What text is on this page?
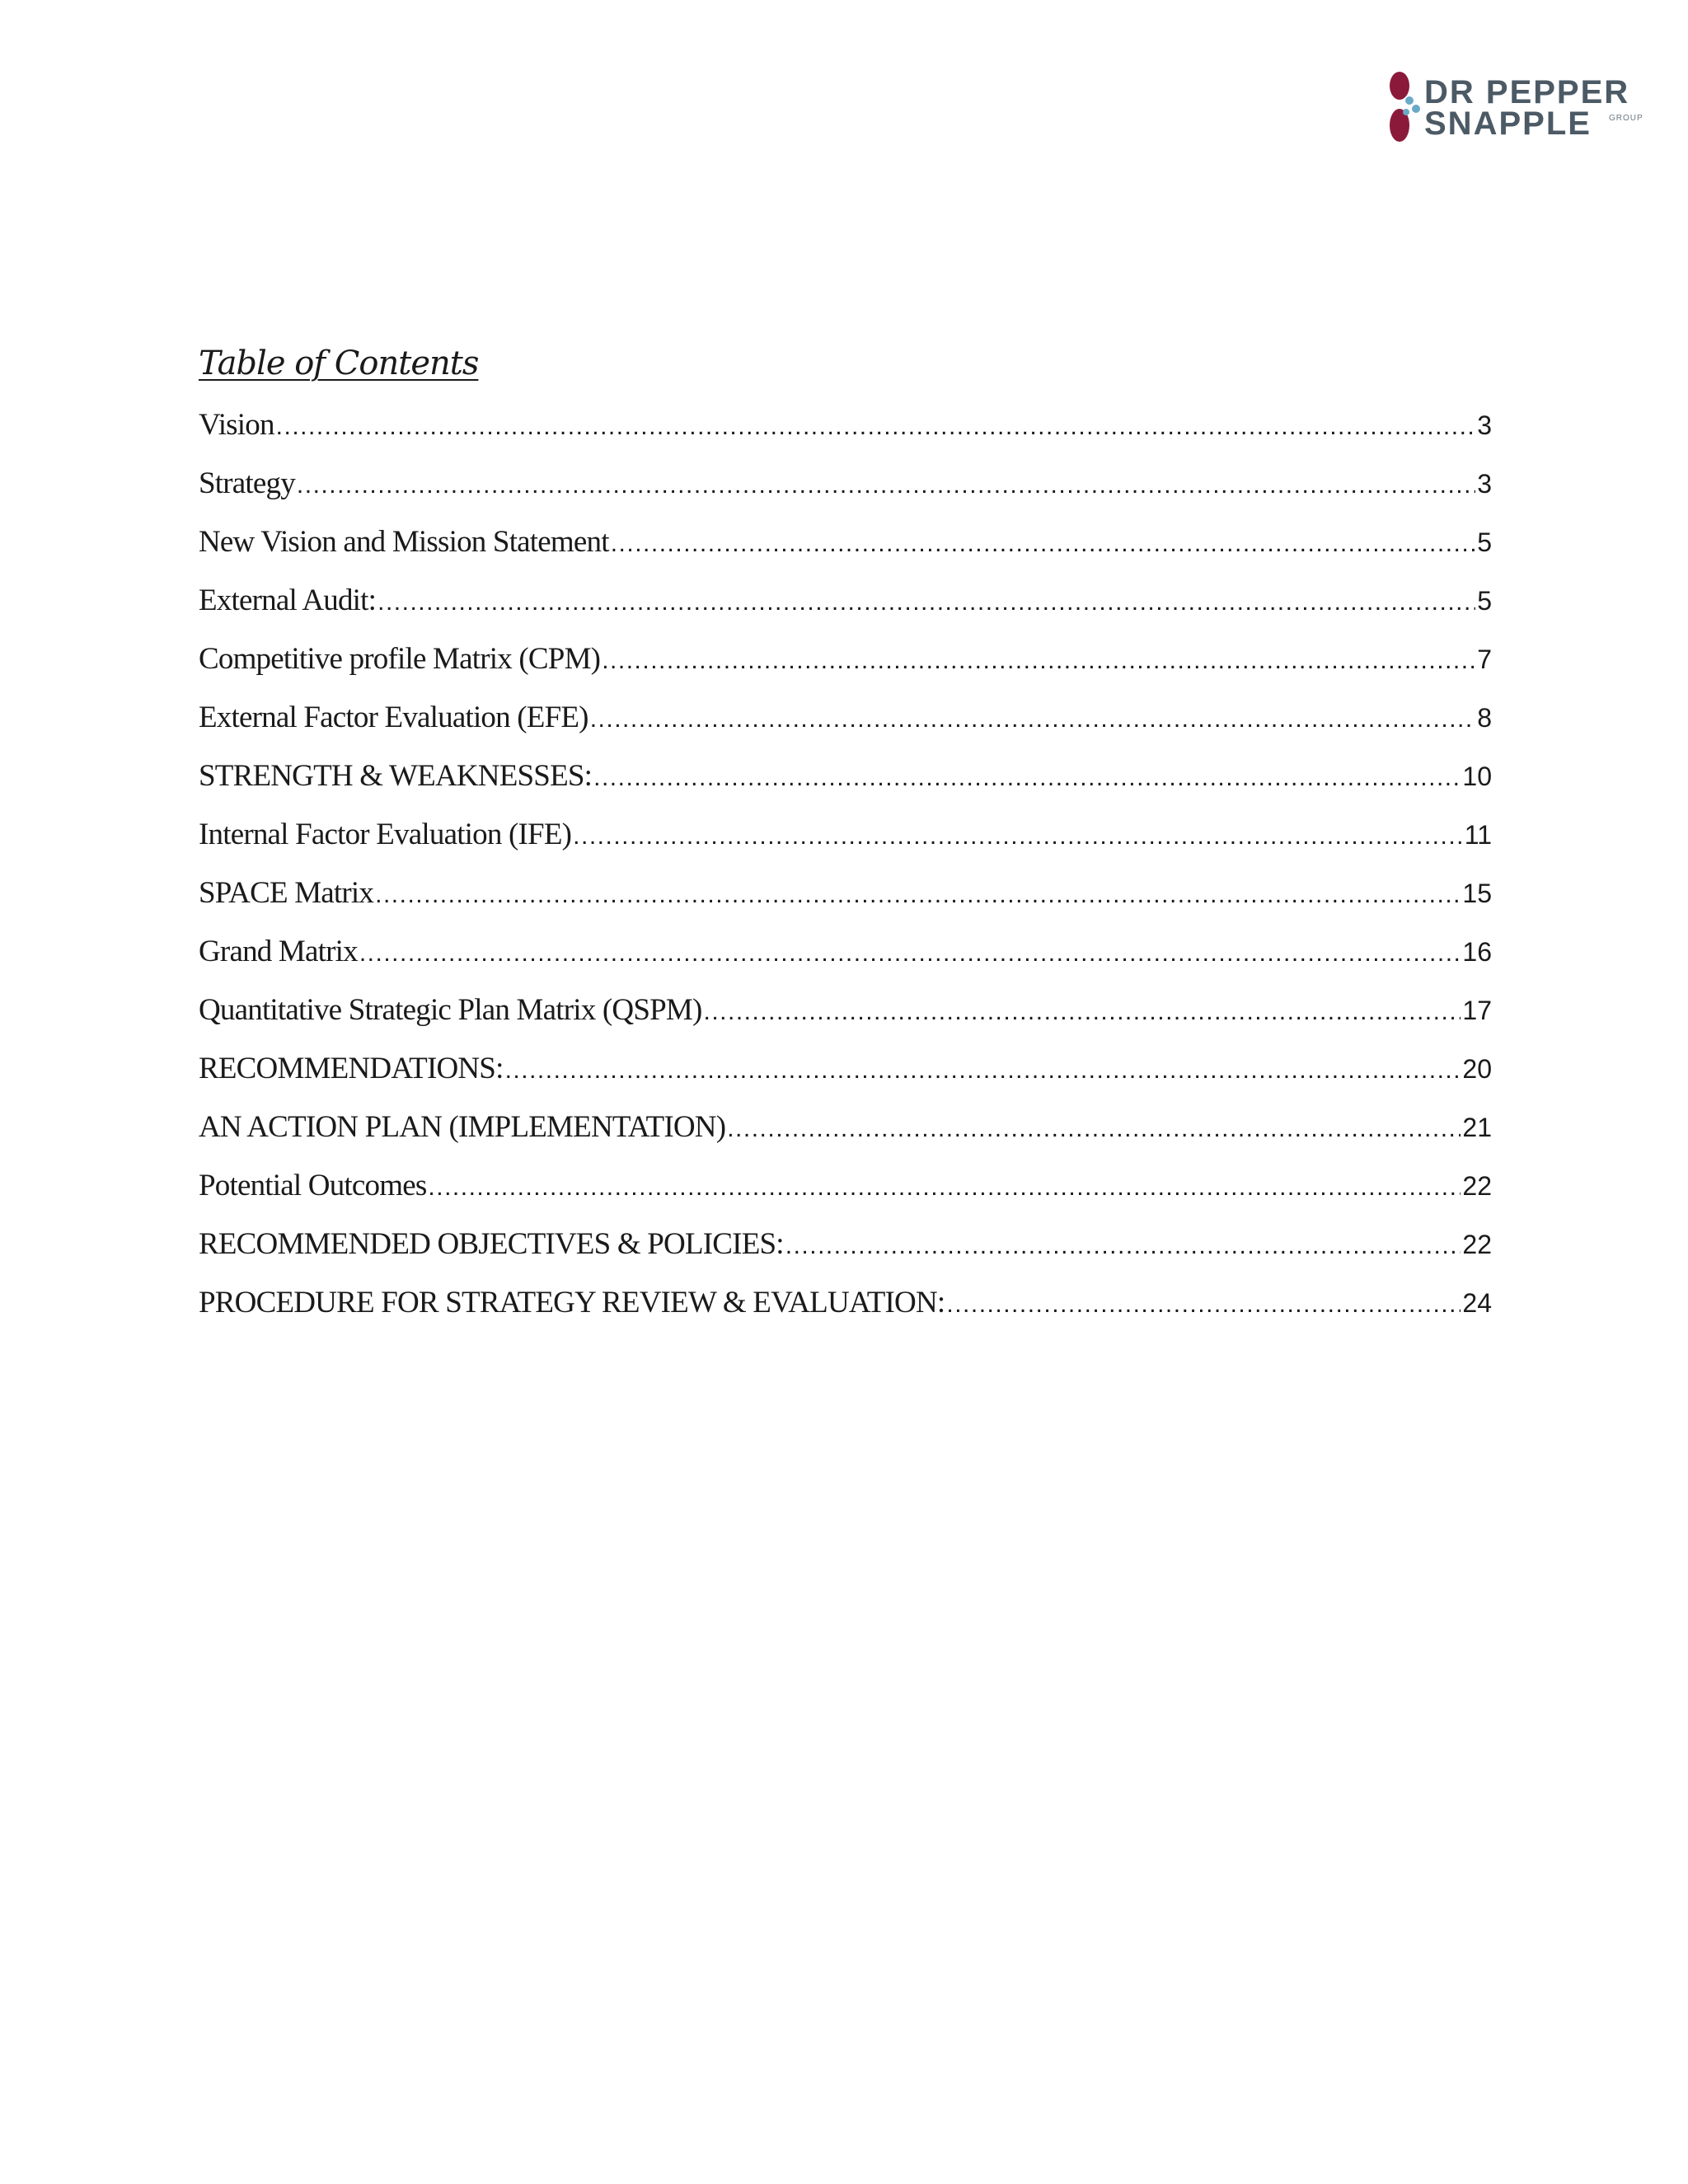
DR PEPPER
SNAPPLE GROUP
Table of Contents
Vision .....	3
Strategy .....	3
New Vision and Mission Statement .....	5
External Audit: .....	5
Competitive profile Matrix (CPM) .....	7
External Factor Evaluation (EFE) .....	8
STRENGTH & WEAKNESSES: .....	10
Internal Factor Evaluation (IFE) .....	11
SPACE Matrix .....	15
Grand Matrix .....	16
Quantitative Strategic Plan Matrix (QSPM) .....	17
RECOMMENDATIONS: .....	20
AN ACTION PLAN (IMPLEMENTATION) .....	21
Potential Outcomes .....	22
RECOMMENDED OBJECTIVES & POLICIES: .....	22
PROCEDURE FOR STRATEGY REVIEW & EVALUATION: .....	24
